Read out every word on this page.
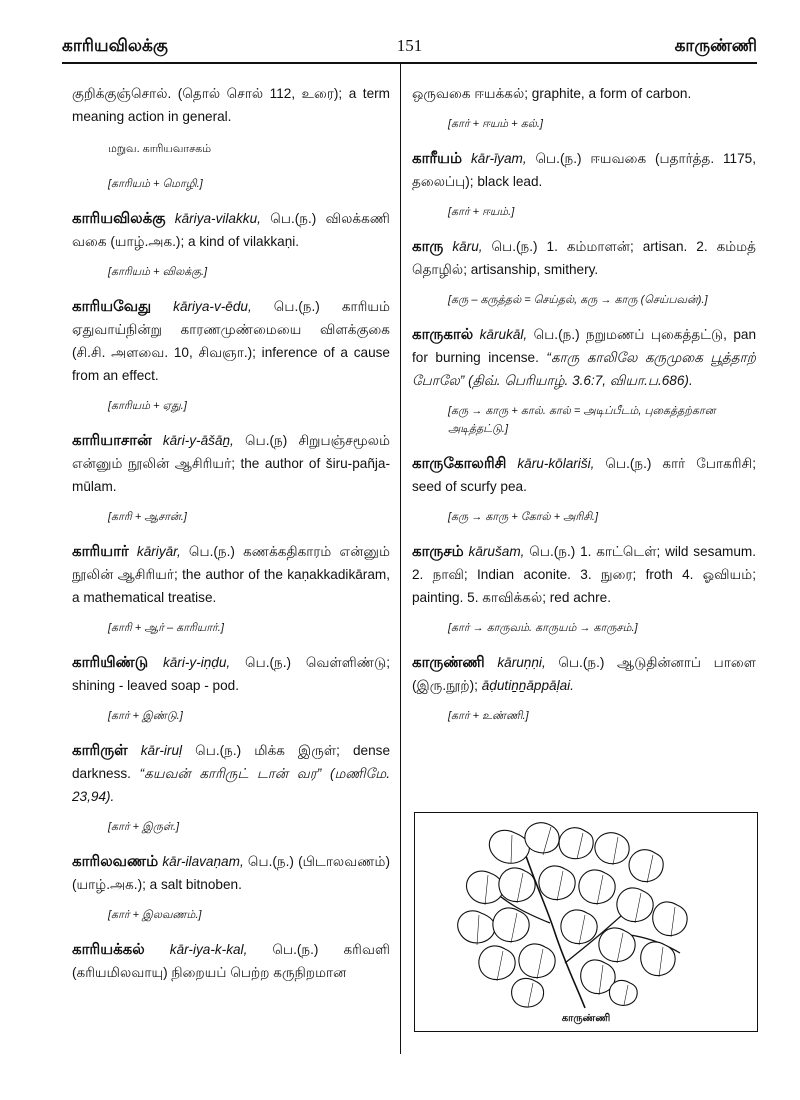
காரியவிலக்கு	151	காருண்ணி

குறிக்குஞ்சொல். (தொல் சொல் 112, உரை); a term meaning action in general.

மறுவ. காரியவாசகம்
[காரியம் + மொழி.]

காரியவிலக்கு kāriya-vilakku, பெ.(ந.) விலக்கணி வகை (யாழ்.அக.); a kind of vilakkaṇi.

[காரியம் + விலக்கு.]

காரியவேது kāriya-v-ēdu, பெ.(ந.) காரியம் ஏதுவாய்நின்று காரணமுண்மையை விளக்குகை (சி.சி. அளவை. 10, சிவஞா.); inference of a cause from an effect.

[காரியம் + ஏது.]

காரியாசான் kāri-y-āšāṉ, பெ.(ந) சிறுபஞ்சமூலம் என்னும் நூலின் ஆசிரியர்; the author of širu-pañja-mūlam.

[காரி + ஆசான்.]

காரியார் kāriyār, பெ.(ந.) கணக்கதிகாரம் என்னும் நூலின் ஆசிரியர்; the author of the kaṇakkadikāram, a mathematical treatise.

[காரி + ஆர் – காரியார்.]

காரியிண்டு kāri-y-iṇḍu, பெ.(ந.) வெள்ளிண்டு; shining - leaved soap - pod.

[கார் + இண்டு.]

காரிருள் kār-iruḷ பெ.(ந.) மிக்க இருள்; dense darkness. “கயவன் காரிருட் டான் வர” (மணிமே. 23,94).

[கார் + இருள்.]

காரிலவணம் kār-ilavaṇam, பெ.(ந.) (பிடாலவணம்) (யாழ்.அக.); a salt bitnoben.

[கார் + இலவணம்.]

காரியக்கல் kār-iya-k-kal, பெ.(ந.) கரிவளி (கரியமிலவாயு) நிறையப் பெற்ற கருநிறமான

ஒருவகை ஈயக்கல்; graphite, a form of carbon.

[கார் + ஈயம் + கல்.]

காரீயம் kār-īyam, பெ.(ந.) ஈயவகை (பதார்த்த. 1175, தலைப்பு); black lead.

[கார் + ஈயம்.]

காரு kāru, பெ.(ந.) 1. கம்மாளன்; artisan. 2. கம்மத் தொழில்; artisanship, smithery.

[கரு – கருத்தல் = செய்தல், கரு → காரு (செய்பவன்).]

காருகால் kārukāl, பெ.(ந.) நறுமணப் புகைத்தட்டு, pan for burning incense. “காரு காலிலே கருமுகை பூத்தாற் போலே” (திவ். பெரியாழ். 3.6:7, வியா.ப.686).

[கரு → காரு + கால். கால் = அடிப்பீடம், புகைத்தற்கான அடித்தட்டு.]

காருகோலரிசி kāru-kōlariši, பெ.(ந.) கார் போகரிசி; seed of scurfy pea.

[கரு → காரு + கோல் + அரிசி.]

காருசம் kārušam, பெ.(ந.) 1. காட்டெள்; wild sesamum. 2. நாவி; Indian aconite. 3. நுரை; froth 4. ஓவியம்; painting. 5. காவிக்கல்; red achre.

[கார் → காருவம். காருயம் → காருசம்.]

காருண்ணி kāruṇṇi, பெ.(ந.) ஆடுதின்னாப் பாளை (இரு.நூற்); āḍutiṉṉāppāḷai.

[கார் + உண்ணி.]
காருண்ணி
